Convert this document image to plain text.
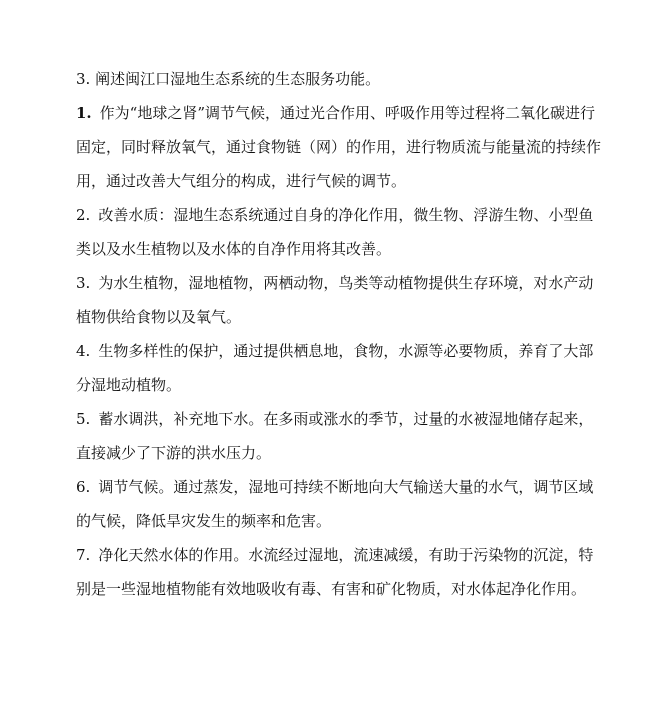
3. 阐述闽江口湿地生态系统的生态服务功能。

1. 作为“地球之肾”调节气候，通过光合作用、呼吸作用等过程将二氧化碳进行固定，同时释放氧气，通过食物链（网）的作用，进行物质流与能量流的持续作用，通过改善大气组分的构成，进行气候的调节。

2. 改善水质：湿地生态系统通过自身的净化作用，微生物、浮游生物、小型鱼类以及水生植物以及水体的自净作用将其改善。

3. 为水生植物，湿地植物，两栖动物，鸟类等动植物提供生存环境，对水产动植物供给食物以及氧气。

4. 生物多样性的保护，通过提供栖息地，食物，水源等必要物质，养育了大部分湿地动植物。

5. 蓄水调洪，补充地下水。在多雨或涨水的季节，过量的水被湿地储存起来，直接减少了下游的洪水压力。

6. 调节气候。通过蒸发，湿地可持续不断地向大气输送大量的水气，调节区域的气候，降低旱灾发生的频率和危害。

7. 净化天然水体的作用。水流经过湿地，流速减缓，有助于污染物的沉淀，特别是一些湿地植物能有效地吸收有毒、有害和矿化物质，对水体起净化作用。
